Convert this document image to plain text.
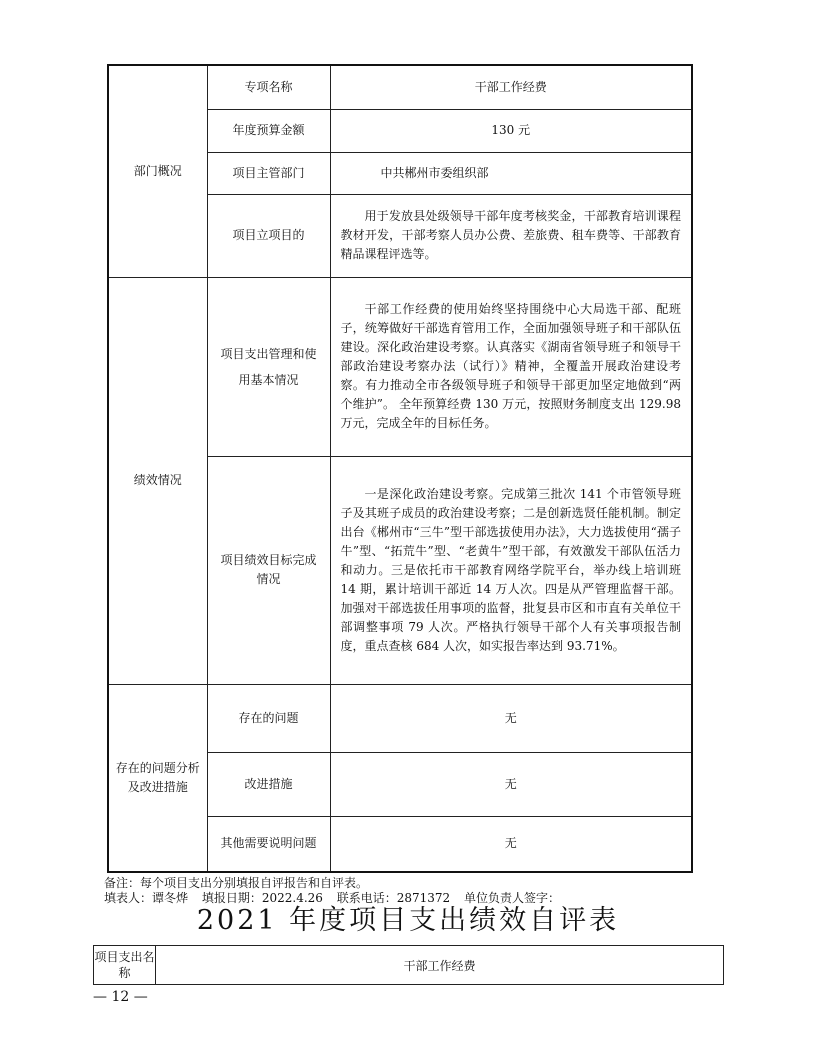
部门概况	专项名称	干部工作经费
	年度预算金额	130 元
	项目主管部门	中共郴州市委组织部
	项目立项目的	用于发放县处级领导干部年度考核奖金，干部教育培训课程教材开发，干部考察人员办公费、差旅费、租车费等、干部教育精品课程评选等。
绩效情况	项目支出管理和使用基本情况	干部工作经费的使用始终坚持围绕中心大局选干部、配班子，统筹做好干部选育管用工作，全面加强领导班子和干部队伍建设。深化政治建设考察。认真落实《湖南省领导班子和领导干部政治建设考察办法（试行）》精神，全覆盖开展政治建设考察。有力推动全市各级领导班子和领导干部更加坚定地做到“两个维护”。 全年预算经费 130 万元，按照财务制度支出 129.98 万元，完成全年的目标任务。
	项目绩效目标完成情况	一是深化政治建设考察。完成第三批次 141 个市管领导班子及其班子成员的政治建设考察；二是创新选贤任能机制。制定出台《郴州市“三牛”型干部选拔使用办法》，大力选拔使用“孺子牛”型、“拓荒牛”型、“老黄牛”型干部，有效激发干部队伍活力和动力。三是依托市干部教育网络学院平台，举办线上培训班 14 期，累计培训干部近 14 万人次。四是从严管理监督干部。加强对干部选拔任用事项的监督，批复县市区和市直有关单位干部调整事项 79 人次。严格执行领导干部个人有关事项报告制度，重点查核 684 人次，如实报告率达到 93.71%。
存在的问题分析及改进措施	存在的问题	无
	改进措施	无
	其他需要说明问题	无
备注：每个项目支出分别填报自评报告和自评表。
填表人：谭冬烨 填报日期：2022.4.26 联系电话：2871372 单位负责人签字：
2021 年度项目支出绩效自评表
项目支出名称	干部工作经费
— 12 —
